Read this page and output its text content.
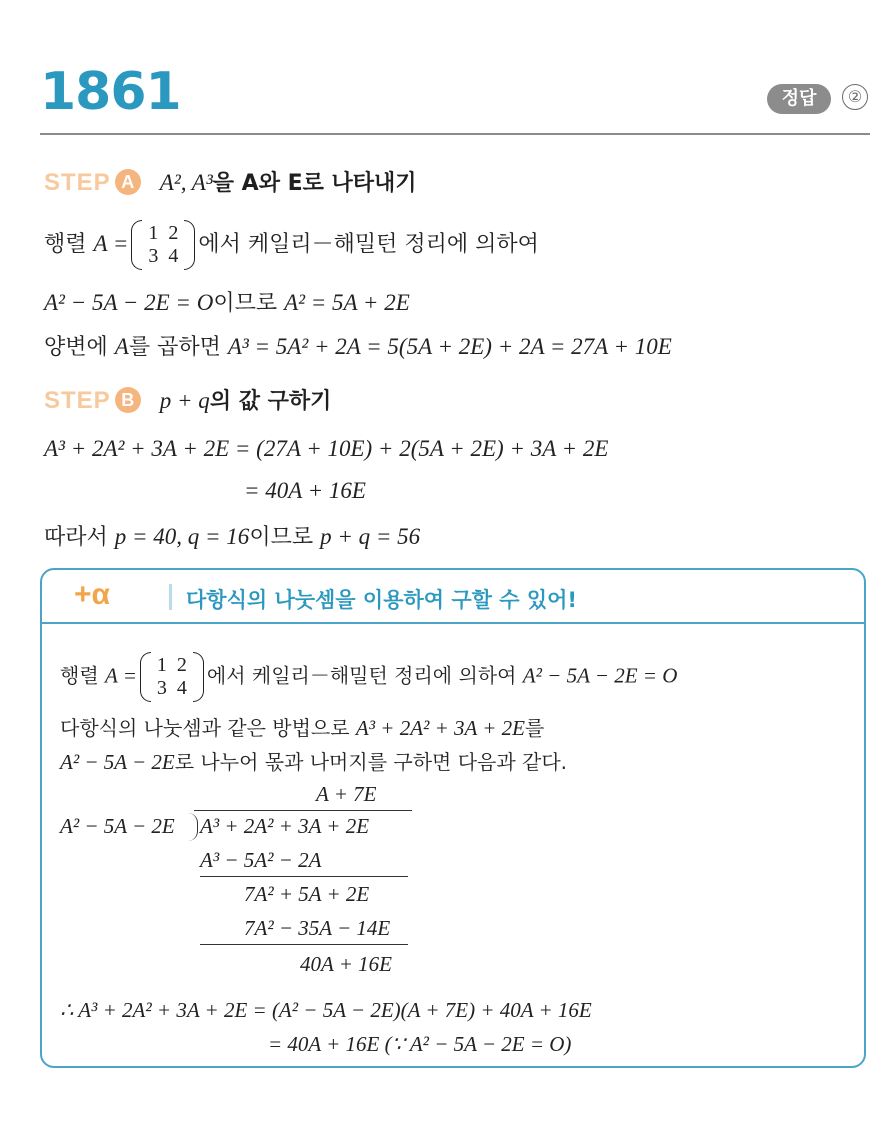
1861	정답	②
STEP A A², A³을 A와 E로 나타내기
행렬 A = 1 2
3 4 에서 케일리－해밀턴 정리에 의하여
A² − 5A − 2E = O이므로 A² = 5A + 2E
양변에 A를 곱하면 A³ = 5A² + 2A = 5(5A + 2E) + 2A = 27A + 10E
STEP B p + q의 값 구하기
A³ + 2A² + 3A + 2E = (27A + 10E) + 2(5A + 2E) + 3A + 2E
= 40A + 16E
따라서 p = 40, q = 16이므로 p + q = 56
+α	다항식의 나눗셈을 이용하여 구할 수 있어!
행렬 A = 1 2
3 4
에서 케일리－해밀턴 정리에 의하여 A² − 5A − 2E = O
다항식의 나눗셈과 같은 방법으로 A³ + 2A² + 3A + 2E를
A² − 5A − 2E로 나누어 몫과 나머지를 구하면 다음과 같다.
A + 7E
A² − 5A − 2E A³ + 2A² + 3A + 2E
A³ − 5A² − 2A
7A² + 5A + 2E
7A² − 35A − 14E
40A + 16E
∴ A³ + 2A² + 3A + 2E = (A² − 5A − 2E)(A + 7E) + 40A + 16E
= 40A + 16E (∵ A² − 5A − 2E = O)
